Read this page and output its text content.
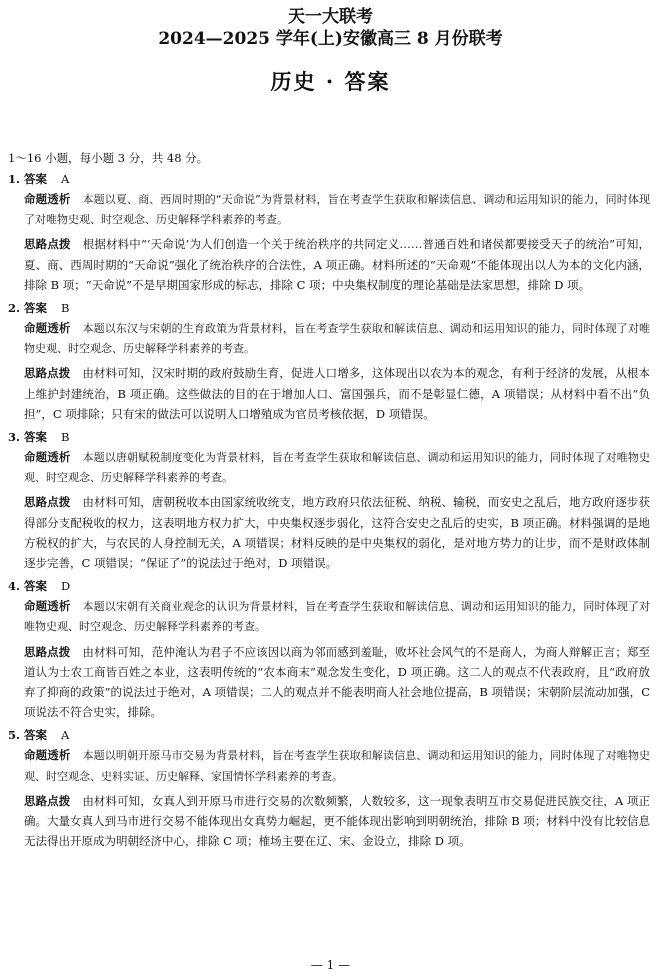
天一大联考
2024—2025 学年(上)安徽高三 8 月份联考
历史 · 答案
1～16 小题，每小题 3 分，共 48 分。
1. 答案 A

命题透析 本题以夏、商、西周时期的“天命说”为背景材料，旨在考查学生获取和解读信息、调动和运用知识的能力，同时体现了对唯物史观、时空观念、历史解释学科素养的考查。

思路点拨 根据材料中“‘天命说’为人们创造一个关于统治秩序的共同定义……普通百姓和诸侯都要接受天子的统治”可知，夏、商、西周时期的“天命说”强化了统治秩序的合法性，A 项正确。材料所述的“天命观”不能体现出以人为本的文化内涵，排除 B 项；“天命说”不是早期国家形成的标志，排除 C 项；中央集权制度的理论基础是法家思想，排除 D 项。

2. 答案 B

命题透析 本题以东汉与宋朝的生育政策为背景材料，旨在考查学生获取和解读信息、调动和运用知识的能力，同时体现了对唯物史观、时空观念、历史解释学科素养的考查。

思路点拨 由材料可知，汉宋时期的政府鼓励生育，促进人口增多，这体现出以农为本的观念，有利于经济的发展，从根本上维护封建统治，B 项正确。这些做法的目的在于增加人口、富国强兵，而不是彰显仁德，A 项错误；从材料中看不出“负担”，C 项排除；只有宋的做法可以说明人口增殖成为官员考核依据，D 项错误。

3. 答案 B

命题透析 本题以唐朝赋税制度变化为背景材料，旨在考查学生获取和解读信息、调动和运用知识的能力，同时体现了对唯物史观、时空观念、历史解释学科素养的考查。

思路点拨 由材料可知，唐朝税收本由国家统收统支，地方政府只依法征税、纳税、输税，而安史之乱后，地方政府逐步获得部分支配税收的权力，这表明地方权力扩大，中央集权逐步弱化，这符合安史之乱后的史实，B 项正确。材料强调的是地方税权的扩大，与农民的人身控制无关，A 项错误；材料反映的是中央集权的弱化，是对地方势力的让步，而不是财政体制逐步完善，C 项错误；“保证了”的说法过于绝对，D 项错误。

4. 答案 D

命题透析 本题以宋朝有关商业观念的认识为背景材料，旨在考查学生获取和解读信息、调动和运用知识的能力，同时体现了对唯物史观、时空观念、历史解释学科素养的考查。

思路点拨 由材料可知，范仲淹认为君子不应该因以商为邻而感到羞耻，败坏社会风气的不是商人，为商人辩解正言；郑至道认为士农工商皆百姓之本业，这表明传统的“农本商末”观念发生变化，D 项正确。这二人的观点不代表政府，且“政府放弃了抑商的政策”的说法过于绝对，A 项错误；二人的观点并不能表明商人社会地位提高，B 项错误；宋朝阶层流动加强，C 项说法不符合史实，排除。

5. 答案 A

命题透析 本题以明朝开原马市交易为背景材料，旨在考查学生获取和解读信息、调动和运用知识的能力，同时体现了对唯物史观、时空观念、史料实证、历史解释、家国情怀学科素养的考查。

思路点拨 由材料可知，女真人到开原马市进行交易的次数频繁，人数较多，这一现象表明互市交易促进民族交往，A 项正确。大量女真人到马市进行交易不能体现出女真势力崛起，更不能体现出影响到明朝统治，排除 B 项；材料中没有比较信息无法得出开原成为明朝经济中心，排除 C 项；榷场主要在辽、宋、金设立，排除 D 项。

— 1 —
